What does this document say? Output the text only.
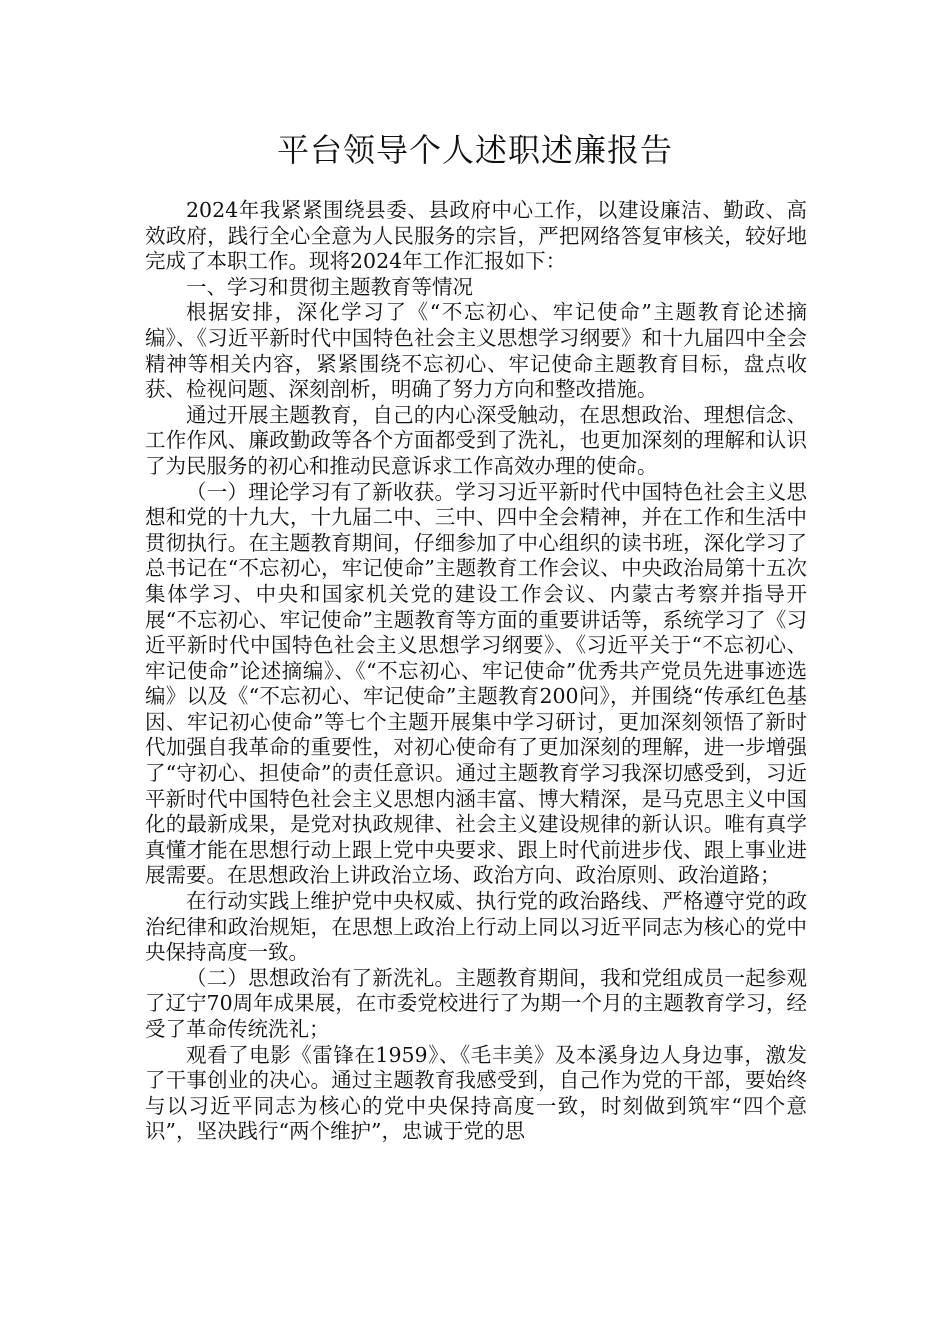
平台领导个人述职述廉报告

2024年我紧紧围绕县委、县政府中心工作，以建设廉洁、勤政、高效政府，践行全心全意为人民服务的宗旨，严把网络答复审核关，较好地完成了本职工作。现将2024年工作汇报如下：

一、学习和贯彻主题教育等情况

根据安排，深化学习了《“不忘初心、牢记使命”主题教育论述摘编》、《习近平新时代中国特色社会主义思想学习纲要》和十九届四中全会精神等相关内容，紧紧围绕不忘初心、牢记使命主题教育目标，盘点收获、检视问题、深刻剖析，明确了努力方向和整改措施。

通过开展主题教育，自己的内心深受触动，在思想政治、理想信念、工作作风、廉政勤政等各个方面都受到了洗礼，也更加深刻的理解和认识了为民服务的初心和推动民意诉求工作高效办理的使命。

（一）理论学习有了新收获。学习习近平新时代中国特色社会主义思想和党的十九大，十九届二中、三中、四中全会精神，并在工作和生活中贯彻执行。在主题教育期间，仔细参加了中心组织的读书班，深化学习了总书记在“不忘初心，牢记使命”主题教育工作会议、中央政治局第十五次集体学习、中央和国家机关党的建设工作会议、内蒙古考察并指导开展“不忘初心、牢记使命”主题教育等方面的重要讲话等，系统学习了《习近平新时代中国特色社会主义思想学习纲要》、《习近平关于“不忘初心、牢记使命”论述摘编》、《“不忘初心、牢记使命”优秀共产党员先进事迹选编》以及《“不忘初心、牢记使命”主题教育200问》，并围绕“传承红色基因、牢记初心使命”等七个主题开展集中学习研讨，更加深刻领悟了新时代加强自我革命的重要性，对初心使命有了更加深刻的理解，进一步增强了“守初心、担使命”的责任意识。通过主题教育学习我深切感受到，习近平新时代中国特色社会主义思想内涵丰富、博大精深，是马克思主义中国化的最新成果，是党对执政规律、社会主义建设规律的新认识。唯有真学真懂才能在思想行动上跟上党中央要求、跟上时代前进步伐、跟上事业进展需要。在思想政治上讲政治立场、政治方向、政治原则、政治道路；

在行动实践上维护党中央权威、执行党的政治路线、严格遵守党的政治纪律和政治规矩，在思想上政治上行动上同以习近平同志为核心的党中央保持高度一致。

（二）思想政治有了新洗礼。主题教育期间，我和党组成员一起参观了辽宁70周年成果展，在市委党校进行了为期一个月的主题教育学习，经受了革命传统洗礼；

观看了电影《雷锋在1959》、《毛丰美》及本溪身边人身边事，激发了干事创业的决心。通过主题教育我感受到，自己作为党的干部，要始终与以习近平同志为核心的党中央保持高度一致，时刻做到筑牢“四个意识”，坚决践行“两个维护”，忠诚于党的思
